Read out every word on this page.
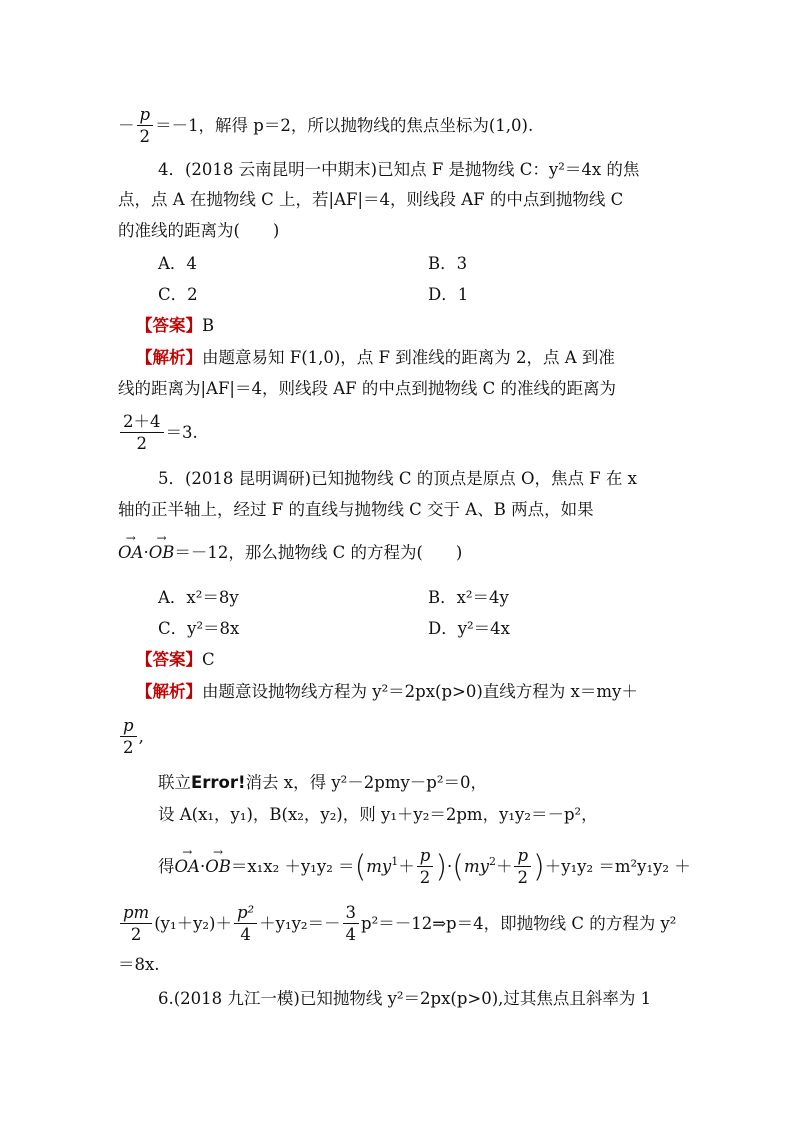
－ $\frac{p}{2} =-1$，解得 p＝2，所以抛物线的焦点坐标为(1,0).
4．(2018 云南昆明一中期末)已知点 F 是抛物线 C：y²＝4x 的焦
点，点 A 在抛物线 C 上，若|AF|＝4，则线段 AF 的中点到抛物线 C
的准线的距离为(　　)
A．4	B．3
C．2	D．1
【答案】B
【解析】由题意易知 F(1,0)，点 F 到准线的距离为 2，点 A 到准
线的距离为|AF|＝4，则线段 AF 的中点到抛物线 C 的准线的距离为
$\frac{2+4}{2} =3$.
5．(2018 昆明调研)已知抛物线 C 的顶点是原点 O，焦点 F 在 x
轴的正半轴上，经过 F 的直线与抛物线 C 交于 A、B 两点，如果
→ OA·→ OB＝－12，那么抛物线 C 的方程为(　　)
A．x²＝8y	B．x²＝4y
C．y²＝8x	D．y²＝4x
【答案】C
【解析】由题意设抛物线方程为 y²＝2px(p>0)直线方程为 x＝my＋
$\frac{p}{2}$ ,
联立Error!消去 x，得 y²－2pmy－p²＝0，
设 A(x₁，y₁)，B(x₂，y₂)，则 y₁＋y₂＝2pm，y₁y₂＝－p²，
得→ $OA\cdot\to OB=x_1x_2 +y_1y_2 =(my^1+ \frac{p}{2} )\cdot(my^2+ \frac{p}{2} )+y_1y_2 =m^2y_1y_2$ ＋
$\frac{pm}{2} (y_1+y_2)+ \frac{\text{p²}}{4} +y_1y_2=- \frac{3}{4}$ p²＝－12⇒p＝4，即抛物线 C 的方程为 y²
＝8x.
6.(2018 九江一模)已知抛物线 y²＝2px(p>0),过其焦点且斜率为 1
